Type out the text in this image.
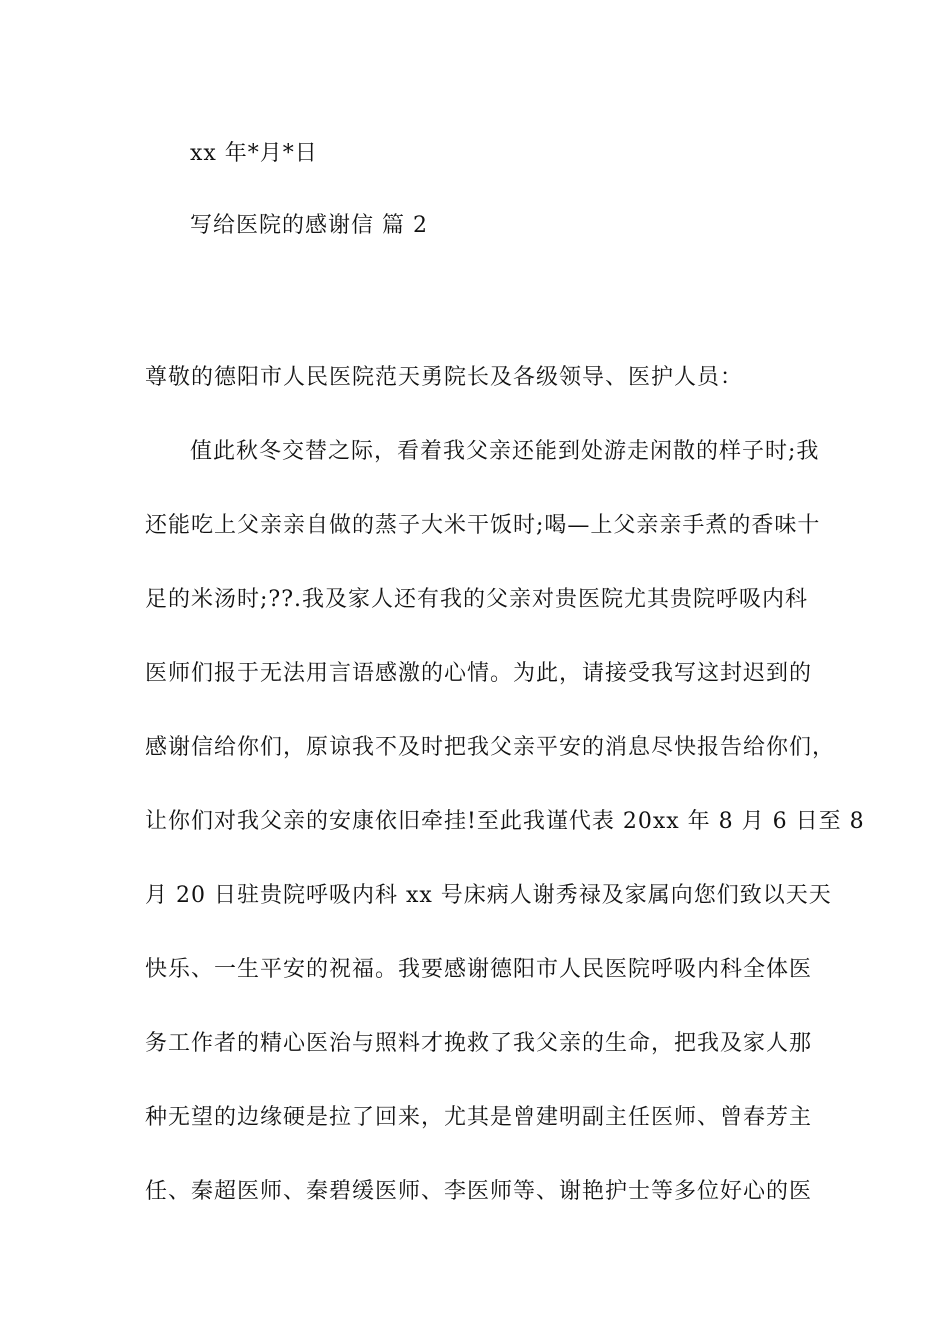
xx 年*月*日
写给医院的感谢信 篇 2
尊敬的德阳市人民医院范天勇院长及各级领导、医护人员：
值此秋冬交替之际，看着我父亲还能到处游走闲散的样子时;我
还能吃上父亲亲自做的蒸子大米干饭时;喝—上父亲亲手煮的香味十
足的米汤时;??.我及家人还有我的父亲对贵医院尤其贵院呼吸内科
医师们报于无法用言语感激的心情。为此，请接受我写这封迟到的
感谢信给你们，原谅我不及时把我父亲平安的消息尽快报告给你们，
让你们对我父亲的安康依旧牵挂!至此我谨代表 20xx 年 8 月 6 日至 8
月 20 日驻贵院呼吸内科 xx 号床病人谢秀禄及家属向您们致以天天
快乐、一生平安的祝福。我要感谢德阳市人民医院呼吸内科全体医
务工作者的精心医治与照料才挽救了我父亲的生命，把我及家人那
种无望的边缘硬是拉了回来，尤其是曾建明副主任医师、曾春芳主
任、秦超医师、秦碧缓医师、李医师等、谢艳护士等多位好心的医
